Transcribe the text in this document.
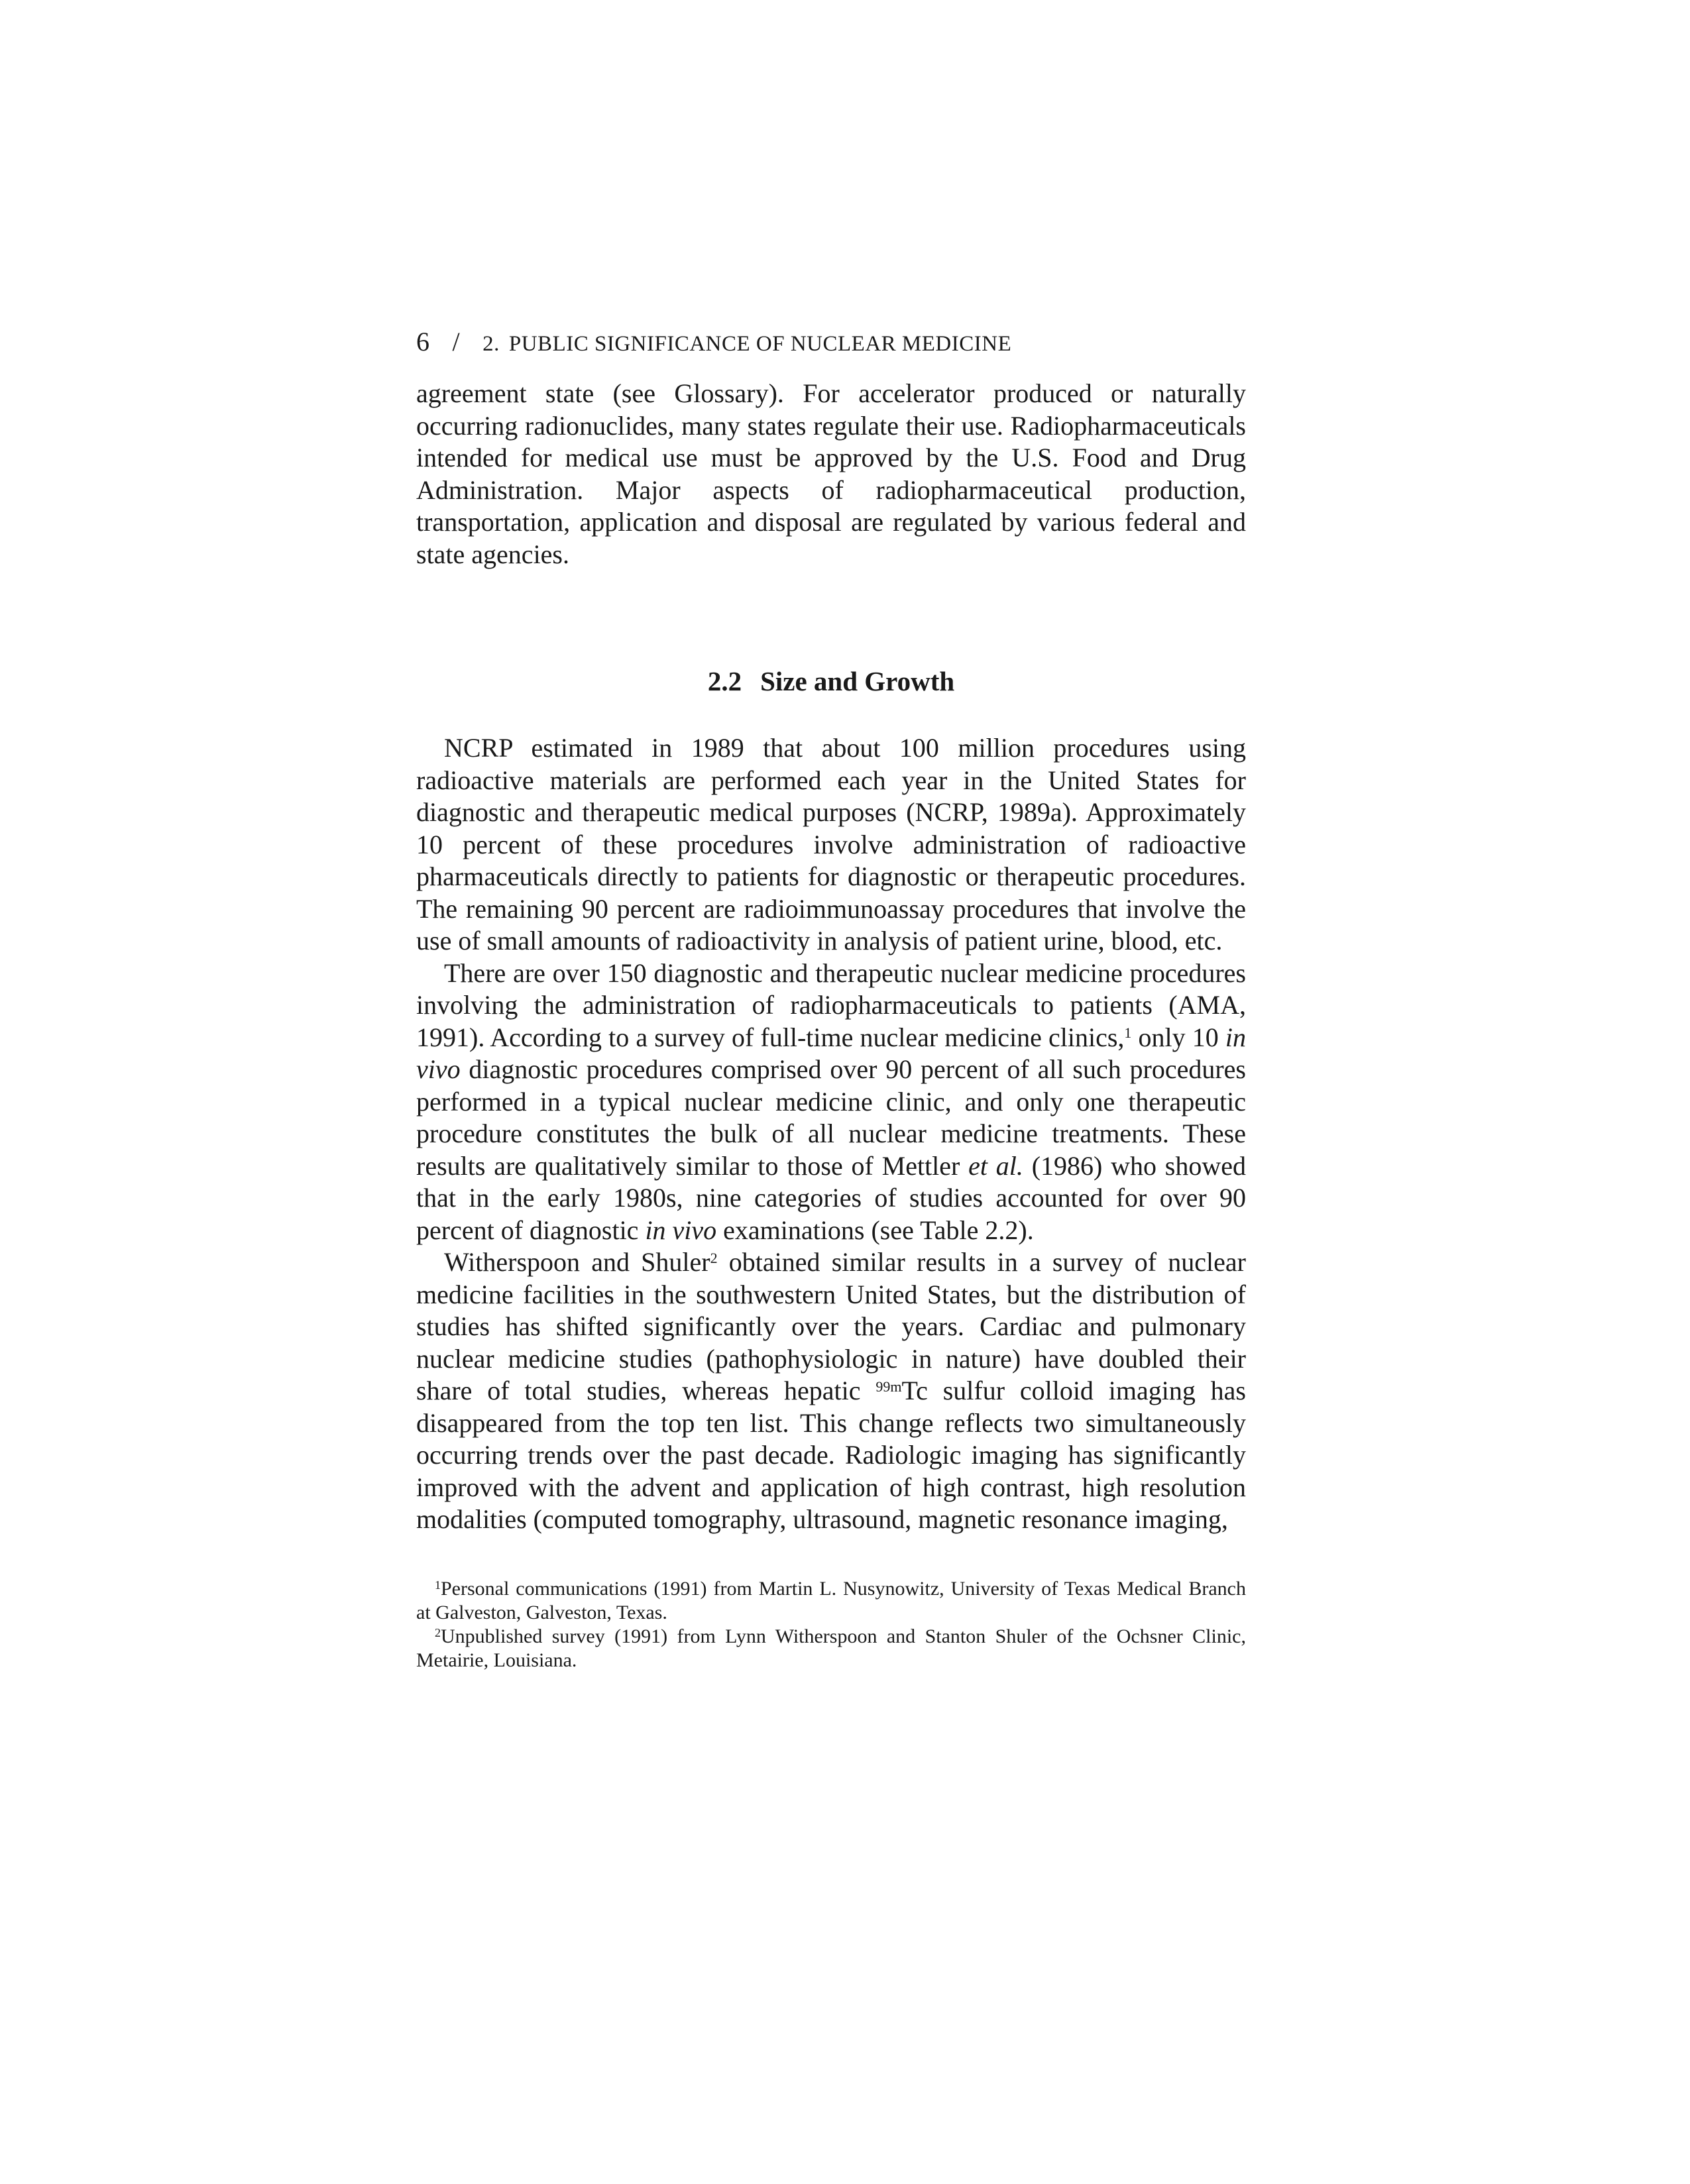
6 / 2. PUBLIC SIGNIFICANCE OF NUCLEAR MEDICINE

agreement state (see Glossary). For accelerator produced or naturally occurring radionuclides, many states regulate their use. Radiopharmaceuticals intended for medical use must be approved by the U.S. Food and Drug Administration. Major aspects of radiopharmaceutical production, transportation, application and disposal are regulated by various federal and state agencies.

2.2 Size and Growth

NCRP estimated in 1989 that about 100 million procedures using radioactive materials are performed each year in the United States for diagnostic and therapeutic medical purposes (NCRP, 1989a). Approximately 10 percent of these procedures involve administration of radioactive pharmaceuticals directly to patients for diagnostic or therapeutic procedures. The remaining 90 percent are radioimmunoassay procedures that involve the use of small amounts of radioactivity in analysis of patient urine, blood, etc.

There are over 150 diagnostic and therapeutic nuclear medicine procedures involving the administration of radiopharmaceuticals to patients (AMA, 1991). According to a survey of full-time nuclear medicine clinics,$^1$ only 10 in vivo diagnostic procedures comprised over 90 percent of all such procedures performed in a typical nuclear medicine clinic, and only one therapeutic procedure constitutes the bulk of all nuclear medicine treatments. These results are qualitatively similar to those of Mettler et al. (1986) who showed that in the early 1980s, nine categories of studies accounted for over 90 percent of diagnostic in vivo examinations (see Table 2.2).

Witherspoon and Shuler$^2$ obtained similar results in a survey of nuclear medicine facilities in the southwestern United States, but the distribution of studies has shifted significantly over the years. Cardiac and pulmonary nuclear medicine studies (pathophysiologic in nature) have doubled their share of total studies, whereas hepatic $^{99m}$Tc sulfur colloid imaging has disappeared from the top ten list. This change reflects two simultaneously occurring trends over the past decade. Radiologic imaging has significantly improved with the advent and application of high contrast, high resolution modalities (computed tomography, ultrasound, magnetic resonance imaging,

$^1$Personal communications (1991) from Martin L. Nusynowitz, University of Texas Medical Branch at Galveston, Galveston, Texas.

$^2$Unpublished survey (1991) from Lynn Witherspoon and Stanton Shuler of the Ochsner Clinic, Metairie, Louisiana.
